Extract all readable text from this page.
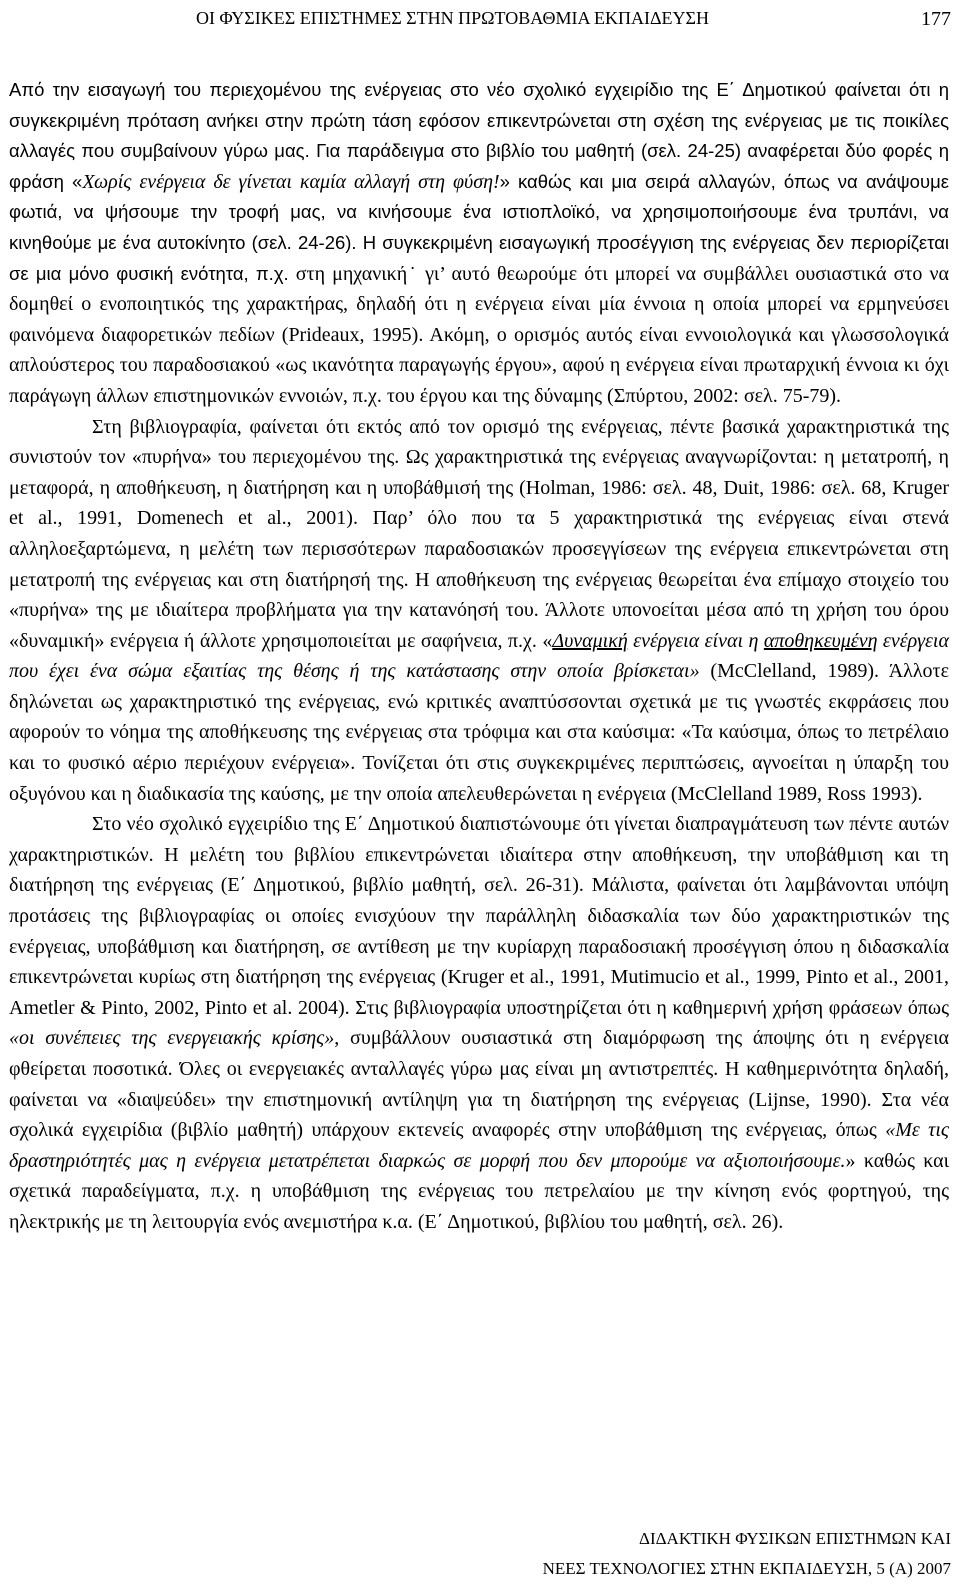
ΟΙ ΦΥΣΙΚΕΣ ΕΠΙΣΤΗΜΕΣ ΣΤΗΝ ΠΡΩΤΟΒΑΘΜΙΑ ΕΚΠΑΙΔΕΥΣΗ	177

Από την εισαγωγή του περιεχομένου της ενέργειας στο νέο σχολικό εγχειρίδιο της Ε΄ Δημοτικού φαίνεται ότι η συγκεκριμένη πρόταση ανήκει στην πρώτη τάση εφόσον επικεντρώνεται στη σχέση της ενέργειας με τις ποικίλες αλλαγές που συμβαίνουν γύρω μας. Για παράδειγμα στο βιβλίο του μαθητή (σελ. 24-25) αναφέρεται δύο φορές η φράση «Χωρίς ενέργεια δε γίνεται καμία αλλαγή στη φύση!» καθώς και μια σειρά αλλαγών, όπως να ανάψουμε φωτιά, να ψήσουμε την τροφή μας, να κινήσουμε ένα ιστιοπλοϊκό, να χρησιμοποιήσουμε ένα τρυπάνι, να κινηθούμε με ένα αυτοκίνητο (σελ. 24-26). Η συγκεκριμένη εισαγωγική προσέγγιση της ενέργειας δεν περιορίζεται σε μια μόνο φυσική ενότητα, π.χ. στη μηχανική˙ γι’ αυτό θεωρούμε ότι μπορεί να συμβάλλει ουσιαστικά στο να δομηθεί ο ενοποιητικός της χαρακτήρας, δηλαδή ότι η ενέργεια είναι μία έννοια η οποία μπορεί να ερμηνεύσει φαινόμενα διαφορετικών πεδίων (Prideaux, 1995). Ακόμη, ο ορισμός αυτός είναι εννοιολογικά και γλωσσολογικά απλούστερος του παραδοσιακού «ως ικανότητα παραγωγής έργου», αφού η ενέργεια είναι πρωταρχική έννοια κι όχι παράγωγη άλλων επιστημονικών εννοιών, π.χ. του έργου και της δύναμης (Σπύρτου, 2002: σελ. 75-79).

Στη βιβλιογραφία, φαίνεται ότι εκτός από τον ορισμό της ενέργειας, πέντε βασικά χαρακτηριστικά της συνιστούν τον «πυρήνα» του περιεχομένου της. Ως χαρακτηριστικά της ενέργειας αναγνωρίζονται: η μετατροπή, η μεταφορά, η αποθήκευση, η διατήρηση και η υποβάθμισή της (Holman, 1986: σελ. 48, Duit, 1986: σελ. 68, Kruger et al., 1991, Domenech et al., 2001). Παρ’ όλο που τα 5 χαρακτηριστικά της ενέργειας είναι στενά αλληλοεξαρτώμενα, η μελέτη των περισσότερων παραδοσιακών προσεγγίσεων της ενέργεια επικεντρώνεται στη μετατροπή της ενέργειας και στη διατήρησή της. Η αποθήκευση της ενέργειας θεωρείται ένα επίμαχο στοιχείο του «πυρήνα» της με ιδιαίτερα προβλήματα για την κατανόησή του. Άλλοτε υπονοείται μέσα από τη χρήση του όρου «δυναμική» ενέργεια ή άλλοτε χρησιμοποιείται με σαφήνεια, π.χ. «Δυναμική ενέργεια είναι η αποθηκευμένη ενέργεια που έχει ένα σώμα εξαιτίας της θέσης ή της κατάστασης στην οποία βρίσκεται» (McClelland, 1989). Άλλοτε δηλώνεται ως χαρακτηριστικό της ενέργειας, ενώ κριτικές αναπτύσσονται σχετικά με τις γνωστές εκφράσεις που αφορούν το νόημα της αποθήκευσης της ενέργειας στα τρόφιμα και στα καύσιμα: «Τα καύσιμα, όπως το πετρέλαιο και το φυσικό αέριο περιέχουν ενέργεια». Τονίζεται ότι στις συγκεκριμένες περιπτώσεις, αγνοείται η ύπαρξη του οξυγόνου και η διαδικασία της καύσης, με την οποία απελευθερώνεται η ενέργεια (McClelland 1989, Ross 1993).

Στο νέο σχολικό εγχειρίδιο της Ε΄ Δημοτικού διαπιστώνουμε ότι γίνεται διαπραγμάτευση των πέντε αυτών χαρακτηριστικών. Η μελέτη του βιβλίου επικεντρώνεται ιδιαίτερα στην αποθήκευση, την υποβάθμιση και τη διατήρηση της ενέργειας (Ε΄ Δημοτικού, βιβλίο μαθητή, σελ. 26-31). Μάλιστα, φαίνεται ότι λαμβάνονται υπόψη προτάσεις της βιβλιογραφίας οι οποίες ενισχύουν την παράλληλη διδασκαλία των δύο χαρακτηριστικών της ενέργειας, υποβάθμιση και διατήρηση, σε αντίθεση με την κυρίαρχη παραδοσιακή προσέγγιση όπου η διδασκαλία επικεντρώνεται κυρίως στη διατήρηση της ενέργειας (Kruger et al., 1991, Mutimucio et al., 1999, Pinto et al., 2001, Ametler & Pinto, 2002, Pinto et al. 2004). Στις βιβλιογραφία υποστηρίζεται ότι η καθημερινή χρήση φράσεων όπως «οι συνέπειες της ενεργειακής κρίσης», συμβάλλουν ουσιαστικά στη διαμόρφωση της άποψης ότι η ενέργεια φθείρεται ποσοτικά. Όλες οι ενεργειακές ανταλλαγές γύρω μας είναι μη αντιστρεπτές. Η καθημερινότητα δηλαδή, φαίνεται να «διαψεύδει» την επιστημονική αντίληψη για τη διατήρηση της ενέργειας (Lijnse, 1990). Στα νέα σχολικά εγχειρίδια (βιβλίο μαθητή) υπάρχουν εκτενείς αναφορές στην υποβάθμιση της ενέργειας, όπως «Με τις δραστηριότητές μας η ενέργεια μετατρέπεται διαρκώς σε μορφή που δεν μπορούμε να αξιοποιήσουμε.» καθώς και σχετικά παραδείγματα, π.χ. η υποβάθμιση της ενέργειας του πετρελαίου με την κίνηση ενός φορτηγού, της ηλεκτρικής με τη λειτουργία ενός ανεμιστήρα κ.α. (Ε΄ Δημοτικού, βιβλίου του μαθητή, σελ. 26).

ΔΙΔΑΚΤΙΚΗ ΦΥΣΙΚΩΝ ΕΠΙΣΤΗΜΩΝ ΚΑΙ
ΝΕΕΣ ΤΕΧΝΟΛΟΓΙΕΣ ΣΤΗΝ ΕΚΠΑΙΔΕΥΣΗ, 5 (Α) 2007
